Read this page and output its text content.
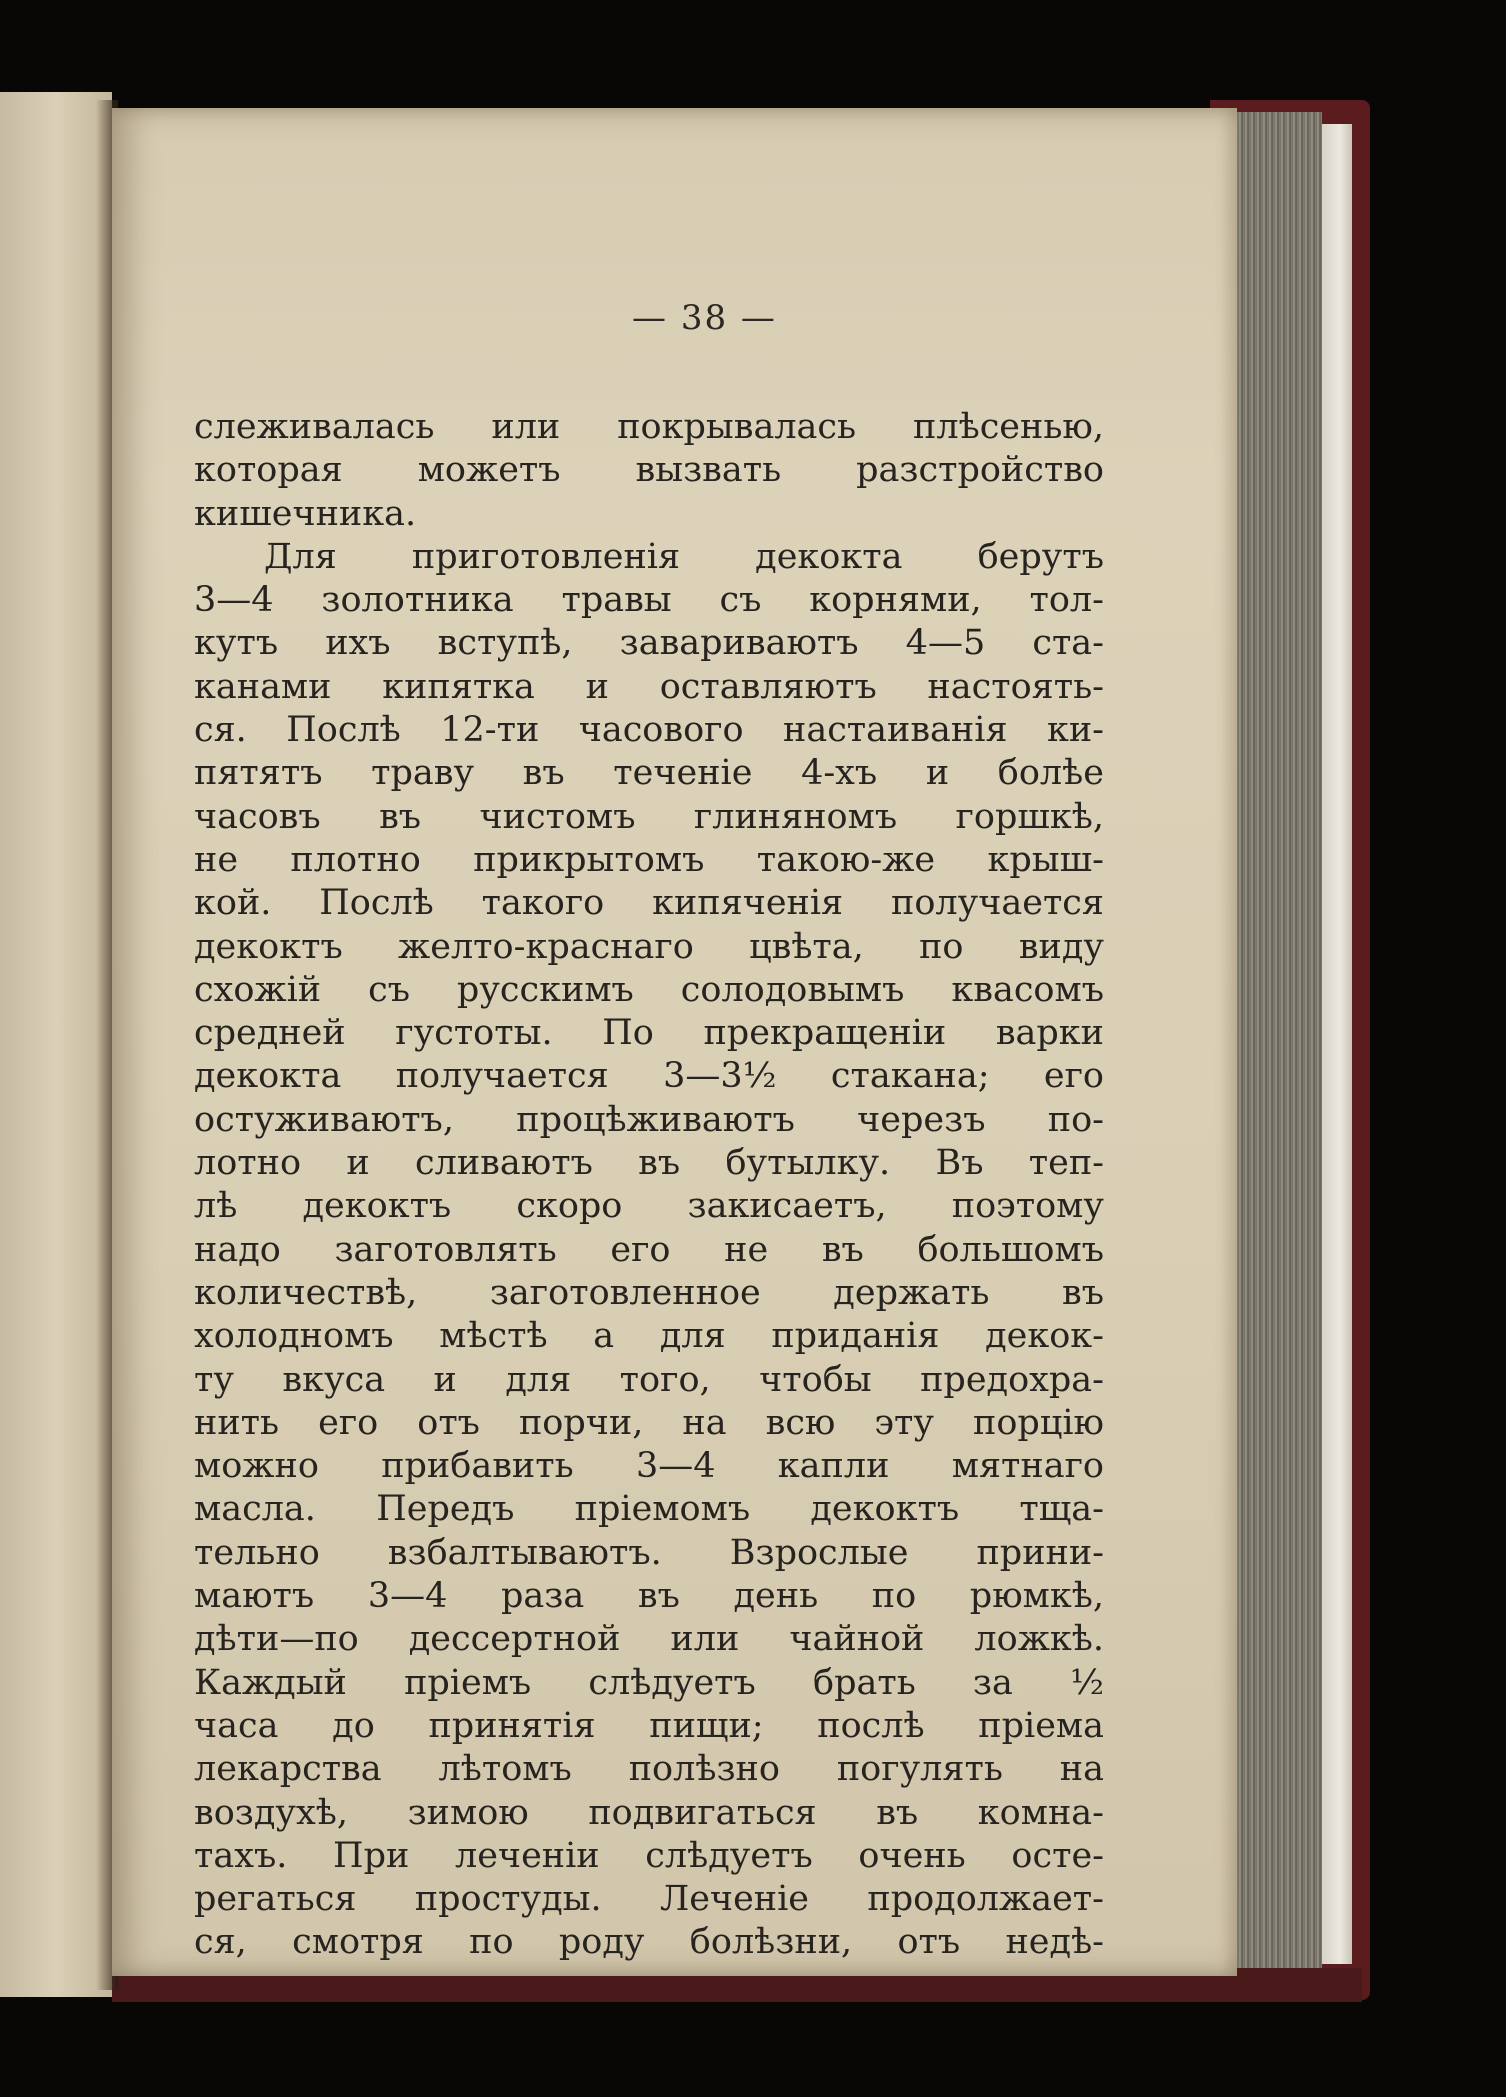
— 38 —
слеживалась или покрывалась плѣсенью,
которая можетъ вызвать разстройство
кишечника.
Для приготовленія декокта берутъ
3—4 золотника травы съ корнями, тол-
кутъ ихъ вступѣ, завариваютъ 4—5 ста-
канами кипятка и оставляютъ настоять-
ся. Послѣ 12-ти часового настаиванія ки-
пятятъ траву въ теченіе 4-хъ и болѣе
часовъ въ чистомъ глиняномъ горшкѣ,
не плотно прикрытомъ такою-же крыш-
кой. Послѣ такого кипяченія получается
декоктъ желто-краснаго цвѣта, по виду
схожій съ русскимъ солодовымъ квасомъ
средней густоты. По прекращеніи варки
декокта получается 3—3½ стакана; его
остуживаютъ, процѣживаютъ черезъ по-
лотно и сливаютъ въ бутылку. Въ теп-
лѣ декоктъ скоро закисаетъ, поэтому
надо заготовлять его не въ большомъ
количествѣ, заготовленное держать въ
холодномъ мѣстѣ а для приданія декок-
ту вкуса и для того, чтобы предохра-
нить его отъ порчи, на всю эту порцію
можно прибавить 3—4 капли мятнаго
масла. Передъ пріемомъ декоктъ тща-
тельно взбалтываютъ. Взрослые прини-
маютъ 3—4 раза въ день по рюмкѣ,
дѣти—по дессертной или чайной ложкѣ.
Каждый пріемъ слѣдуетъ брать за ½
часа до принятія пищи; послѣ пріема
лекарства лѣтомъ полѣзно погулять на
воздухѣ, зимою подвигаться въ комна-
тахъ. При леченіи слѣдуетъ очень осте-
регаться простуды. Леченіе продолжает-
ся, смотря по роду болѣзни, отъ недѣ-
